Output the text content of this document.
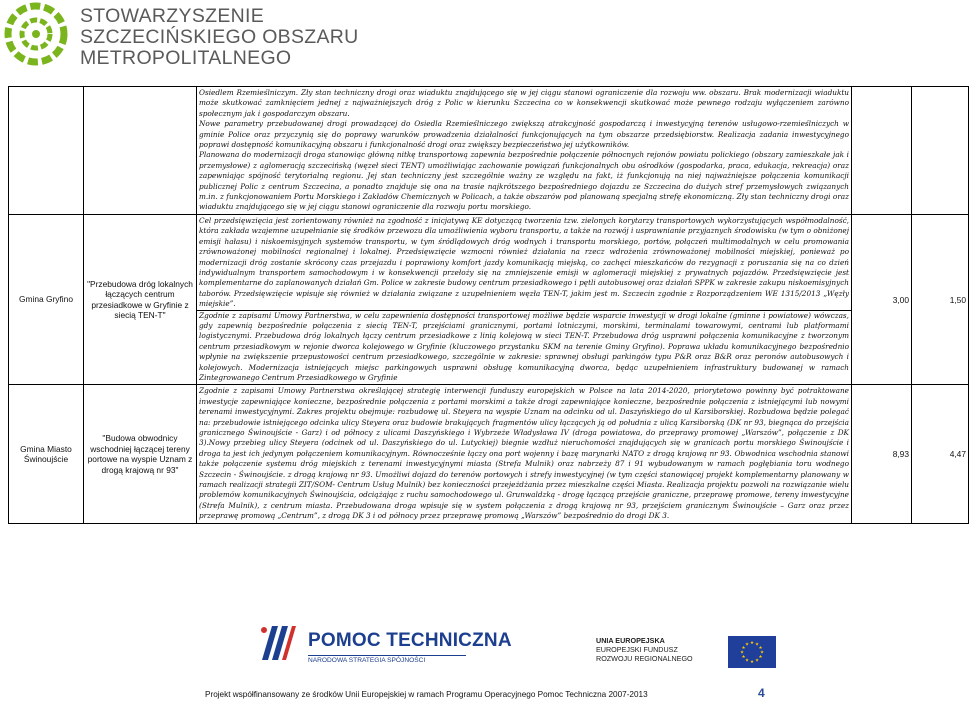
STOWARZYSZENIE
SZCZECIŃSKIEGO OBSZARU
METROPOLITALNEGO

		Osiedlem Rzemieślniczym. Zły stan techniczny drogi oraz wiaduktu znajdującego się w jej ciągu stanowi ograniczenie dla rozwoju ww. obszaru. Brak modernizacji wiaduktu może skutkować zamknięciem jednej z najważniejszych dróg z Polic w kierunku Szczecina co w konsekwencji skutkować może pewnego rodzaju wyłączeniem zarówno społecznym jak i gospodarczym obszaru.

Nowe parametry przebudowanej drogi prowadzącej do Osiedla Rzemieślniczego zwiększą atrakcyjność gospodarczą i inwestycyjną terenów usługowo-rzemieślniczych w gminie Police oraz przyczynią się do poprawy warunków prowadzenia działalności funkcjonujących na tym obszarze przedsiębiorstw. Realizacja zadania inwestycyjnego poprawi dostępność komunikacyjną obszaru i funkcjonalność drogi oraz zwiększy bezpieczeństwo jej użytkowników.

Planowana do modernizacji droga stanowiąc główną nitkę transportową zapewnia bezpośrednie połączenie północnych rejonów powiatu polickiego (obszary zamieszkałe jak i przemysłowe) z aglomeracją szczecińską (węzeł sieci TENT) umożliwiając zachowanie powiązań funkcjonalnych obu ośrodków (gospodarka, praca, edukacja, rekreacja) oraz zapewniając spójność terytorialną regionu. Jej stan techniczny jest szczególnie ważny ze względu na fakt, iż funkcjonują na niej najważniejsze połączenia komunikacji publicznej Polic z centrum Szczecina, a ponadto znajduje się ona na trasie najkrótszego bezpośredniego dojazdu ze Szczecina do dużych stref przemysłowych związanych m.in. z funkcjonowaniem Portu Morskiego i Zakładów Chemicznych w Policach, a także obszarów pod planowaną specjalną strefę ekonomiczną. Zły stan techniczny drogi oraz wiaduktu znajdującego się w jej ciągu stanowi ograniczenie dla rozwoju portu morskiego.		

Gmina Gryfino	"Przebudowa dróg lokalnych łączących centrum przesiadkowe w Gryfinie z siecią TEN-T"	Cel przedsięwzięcia jest zorientowany również na zgodność z inicjatywą KE dotyczącą tworzenia tzw. zielonych korytarzy transportowych wykorzystujących współmodalność, która zakłada wzajemne uzupełnianie się środków przewozu dla umożliwienia wyboru transportu, a także na rozwój i usprawnianie przyjaznych środowisku (w tym o obniżonej emisji hałasu) i niskoemisyjnych systemów transportu, w tym śródlądowych dróg wodnych i transportu morskiego, portów, połączeń multimodalnych w celu promowania zrównoważonej mobilności regionalnej i lokalnej. Przedsięwzięcie wzmocni również działania na rzecz wdrożenia zrównoważonej mobilności miejskiej, ponieważ po modernizacji dróg zostanie skrócony czas przejazdu i poprawiony komfort jazdy komunikacją miejską, co zachęci mieszkańców do rezygnacji z poruszania się na co dzień indywidualnym transportem samochodowym i w konsekwencji przełoży się na zmniejszenie emisji w aglomeracji miejskiej z prywatnych pojazdów. Przedsięwzięcie jest komplementarne do zaplanowanych działań Gm. Police w zakresie budowy centrum przesiadkowego i pętli autobusowej oraz działań SPPK w zakresie zakupu niskoemisyjnych taborów. Przedsięwzięcie wpisuje się również w działania związane z uzupełnieniem węzła TEN-T, jakim jest m. Szczecin zgodnie z Rozporządzeniem WE 1315/2013 „Węzły miejskie”.

Zgodnie z zapisami Umowy Partnerstwa, w celu zapewnienia dostępności transportowej możliwe będzie wsparcie inwestycji w drogi lokalne (gminne i powiatowe) wówczas, gdy zapewnią bezpośrednie połączenia z siecią TEN-T, przejściami granicznymi, portami lotniczymi, morskimi, terminalami towarowymi, centrami lub platformami logistycznymi. Przebudowa dróg lokalnych łączy centrum przesiadkowe z linią kolejową w sieci TEN-T. Przebudowa dróg usprawni połączenia komunikacyjne z tworzonym centrum przesiadkowym w rejonie dworca kolejowego w Gryfinie (kluczowego przystanku SKM na terenie Gminy Gryfino). Poprawa układu komunikacyjnego bezpośrednio wpłynie na zwiększenie przepustowości centrum przesiadkowego, szczególnie w zakresie: sprawnej obsługi parkingów typu P&R oraz B&R oraz peronów autobusowych i kolejowych. Modernizacja istniejących miejsc parkingowych usprawni obsługę komunikacyjną dworca, będąc uzupełnieniem infrastruktury budowanej w ramach Zintegrowanego Centrum Przesiadkowego w Gryfinie	3,00	1,50
Gmina Miasto Świnoujście	"Budowa obwodnicy wschodniej łączącej tereny portowe na wyspie Uznam z drogą krajową nr 93"	Zgodnie z zapisami Umowy Partnerstwa określającej strategię interwencji funduszy europejskich w Polsce na lata 2014-2020, priorytetowo powinny być potraktowane inwestycje zapewniające konieczne, bezpośrednie połączenia z portami morskimi a także drogi zapewniające konieczne, bezpośrednie połączenia z istniejącymi lub nowymi terenami inwestycyjnymi. Zakres projektu obejmuje: rozbudowę ul. Steyera na wyspie Uznam na odcinku od ul. Daszyńskiego do ul Karsiborskiej. Rozbudowa będzie polegać na: przebudowie istniejącego odcinka ulicy Steyera oraz budowie brakujących fragmentów ulicy łączących ją od południa z ulicą Karsiborską (DK nr 93, biegnąca do przejścia granicznego Świnoujście - Garz) i od północy z ulicami Daszyńskiego i Wybrzeże Władysława IV (droga powiatowa, do przeprawy promowej „Warszów”, połączenie z DK 3).Nowy przebieg ulicy Steyera (odcinek od ul. Daszyńskiego do ul. Lutyckiej) biegnie wzdłuż nieruchomości znajdujących się w granicach portu morskiego Świnoujście i droga ta jest ich jedynym połączeniem komunikacyjnym. Równocześnie łączy ona port wojenny i bazę marynarki NATO z drogą krajową nr 93. Obwodnica wschodnia stanowi także połączenie systemu dróg miejskich z terenami inwestycyjnymi miasta (Strefa Mulnik) oraz nabrzeży 87 i 91 wybudowanym w ramach pogłębiania toru wodnego Szczecin - Świnoujście. z drogą krajową nr 93. Umożliwi dojazd do terenów portowych i strefy inwestycyjnej (w tym części stanowiącej projekt komplementarny planowany w ramach realizacji strategii ZIT/SOM- Centrum Usług Mulnik) bez konieczności przejeżdżania przez mieszkalne części Miasta. Realizacja projektu pozwoli na rozwiązanie wielu problemów komunikacyjnych Świnoujścia, odciążając z ruchu samochodowego ul. Grunwaldzką - drogę łączącą przejście graniczne, przeprawę promowe, tereny inwestycyjne (Strefa Mulnik), z centrum miasta. Przebudowana droga wpisuje się w system połączenia z drogą krajową nr 93, przejściem granicznym Świnoujście – Garz oraz przez przeprawę promową „Centrum”, z drogą DK 3 i od północy przez przeprawę promową „Warszów” bezpośrednio do drogi DK 3.	8,93	4,47
POMOC TECHNICZNA
NARODOWA STRATEGIA SPÓJNOŚCI
UNIA EUROPEJSKA
EUROPEJSKI FUNDUSZ
ROZWOJU REGIONALNEGO
★ ★
★
★
★
★
★
★
★
★
★
★
Projekt współfinansowany ze środków Unii Europejskiej w ramach Programu Operacyjnego Pomoc Techniczna 2007-2013	4
